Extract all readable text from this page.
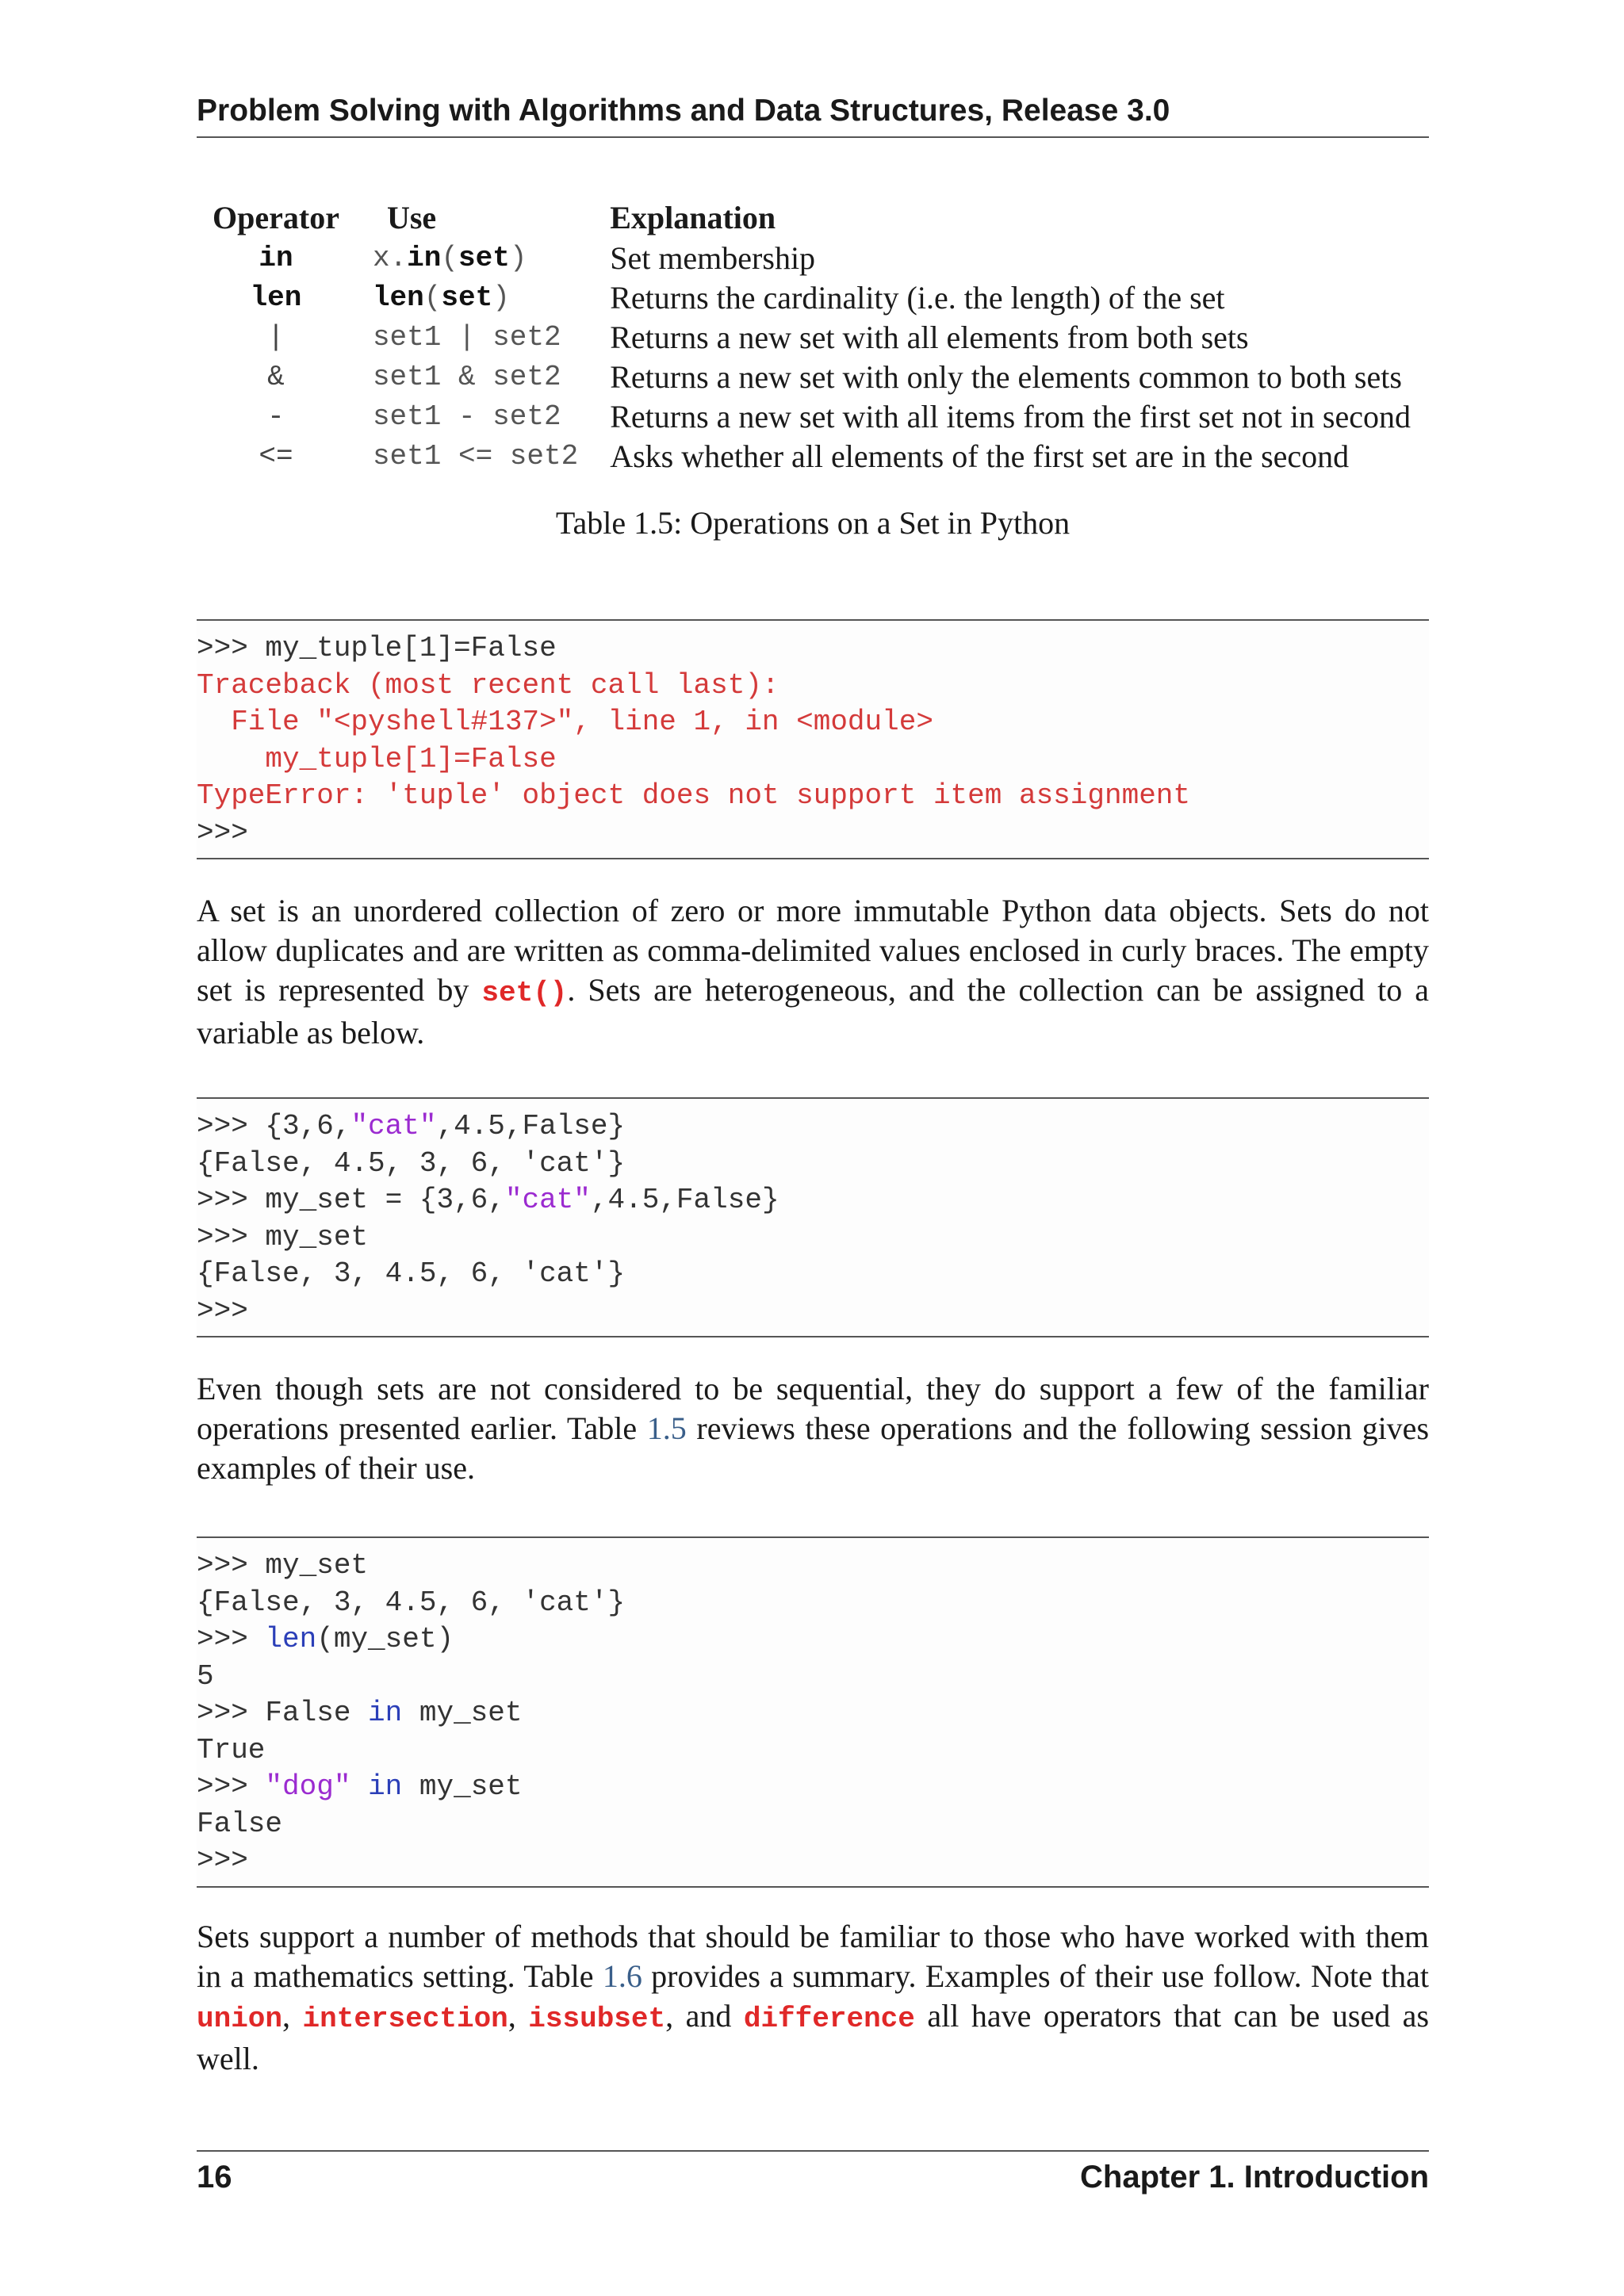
Problem Solving with Algorithms and Data Structures, Release 3.0
Operator	Use	Explanation
in	x.in(set)	Set membership
len	len(set)	Returns the cardinality (i.e. the length) of the set
|	set1 | set2	Returns a new set with all elements from both sets
&	set1 & set2	Returns a new set with only the elements common to both sets
-	set1 - set2	Returns a new set with all items from the first set not in second
<=	set1 <= set2	Asks whether all elements of the first set are in the second
Table 1.5: Operations on a Set in Python
>>> my_tuple[1]=False
Traceback (most recent call last):
File "<pyshell#137>", line 1, in <module>
my_tuple[1]=False
TypeError: 'tuple' object does not support item assignment
>>>
A set is an unordered collection of zero or more immutable Python data objects. Sets do not allow duplicates and are written as comma-delimited values enclosed in curly braces. The empty set is represented by set(). Sets are heterogeneous, and the collection can be assigned to a variable as below.
>>> {3,6,"cat",4.5,False}
{False, 4.5, 3, 6, 'cat'}
>>> my_set = {3,6,"cat",4.5,False}
>>> my_set
{False, 3, 4.5, 6, 'cat'}
>>>
Even though sets are not considered to be sequential, they do support a few of the familiar operations presented earlier. Table 1.5 reviews these operations and the following session gives examples of their use.
>>> my_set
{False, 3, 4.5, 6, 'cat'}
>>> len(my_set)
5
>>> False in my_set
True
>>> "dog" in my_set
False
>>>
Sets support a number of methods that should be familiar to those who have worked with them in a mathematics setting. Table 1.6 provides a summary. Examples of their use follow. Note that union, intersection, issubset, and difference all have operators that can be used as well.
16	Chapter 1. Introduction
